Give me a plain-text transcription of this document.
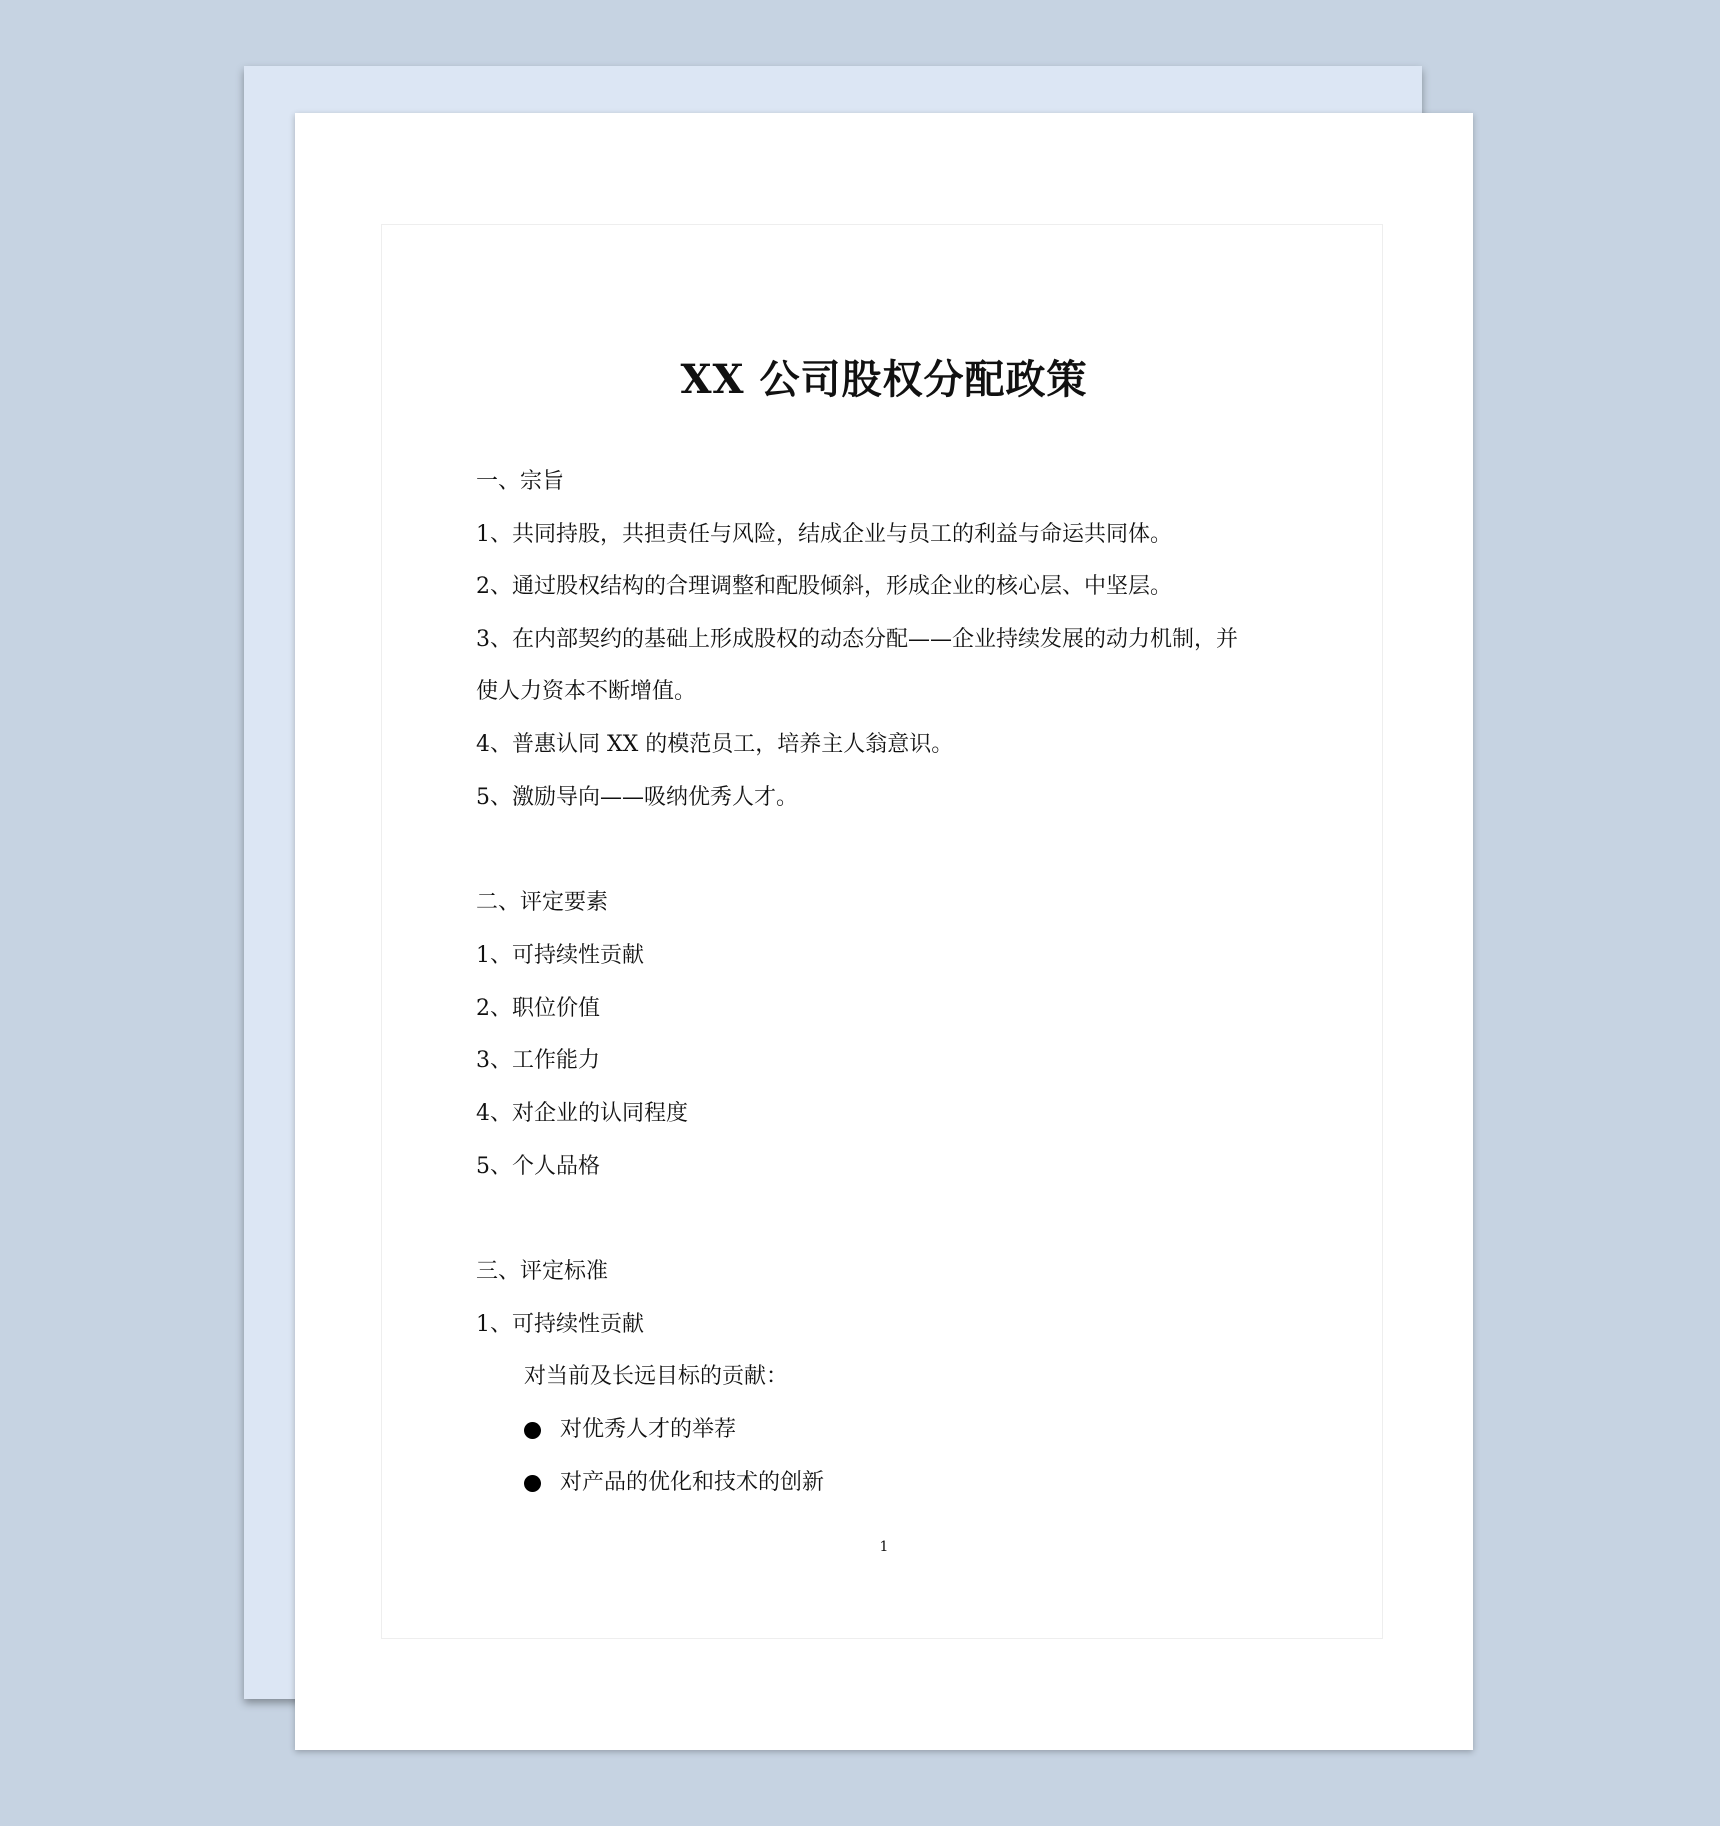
XX 公司股权分配政策

一、宗旨

1、共同持股，共担责任与风险，结成企业与员工的利益与命运共同体。

2、通过股权结构的合理调整和配股倾斜，形成企业的核心层、中坚层。

3、在内部契约的基础上形成股权的动态分配——企业持续发展的动力机制，并

使人力资本不断增值。

4、普惠认同 XX 的模范员工，培养主人翁意识。

5、激励导向——吸纳优秀人才。

二、评定要素

1、可持续性贡献

2、职位价值

3、工作能力

4、对企业的认同程度

5、个人品格

三、评定标准

1、可持续性贡献

对当前及长远目标的贡献：

对优秀人才的举荐
对产品的优化和技术的创新
1
